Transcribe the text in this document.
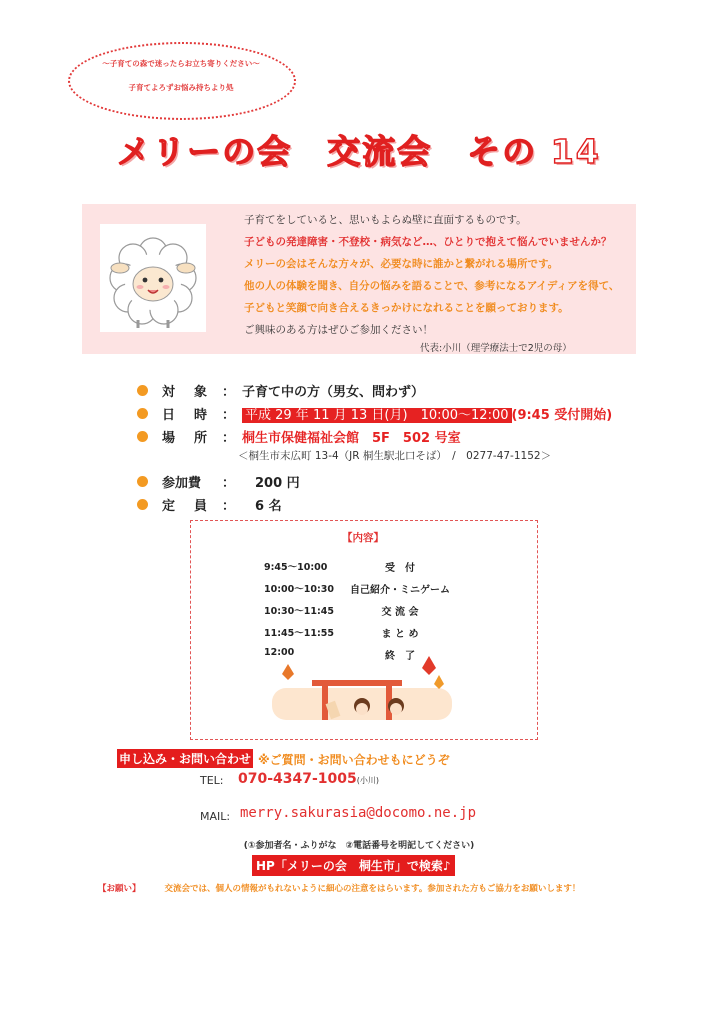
～子育ての森で迷ったらお立ち寄りください～
子育てよろずお悩み持ちより処
メリーの会　交流会　その 14
子育てをしていると、思いもよらぬ壁に直面するものです。
子どもの発達障害・不登校・病気など…、ひとりで抱えて悩んでいませんか？
メリーの会はそんな方々が、必要な時に誰かと繋がれる場所です。
他の人の体験を聞き、自分の悩みを語ることで、参考になるアイディアを得て、
子どもと笑顔で向き合えるきっかけになれることを願っております。
ご興味のある方はぜひご参加ください！
代表:小川（理学療法士で2児の母）
対　象 ： 子育て中の方（男女、問わず）
日　時 ： 平成 29 年 11 月 13 日(月)　10:00～12:00 (9:45 受付開始)
場　所 ： 桐生市保健福祉会館　5F　502 号室
＜桐生市末広町 13-4（JR 桐生駅北口そば）　/　0277-47-1152＞
参加費 ： 200 円
定　員 ： 6 名
【内容】
9:45～10:00	受　付
10:00～10:30	自己紹介・ミニゲーム
10:30～11:45	交 流 会
11:45～11:55	ま と め
12:00	終　了
申し込み・お問い合わせ ※ご質問・お問い合わせもにどうぞ
TEL: 070-4347-1005(小川)
MAIL: merry.sakurasia@docomo.ne.jp
(①参加者名・ふりがな　②電話番号を明記してください)
HP「メリーの会　桐生市」で検索♪
【お願い】	交流会では、個人の情報がもれないように細心の注意をはらいます。参加された方もご協力をお願いします！
